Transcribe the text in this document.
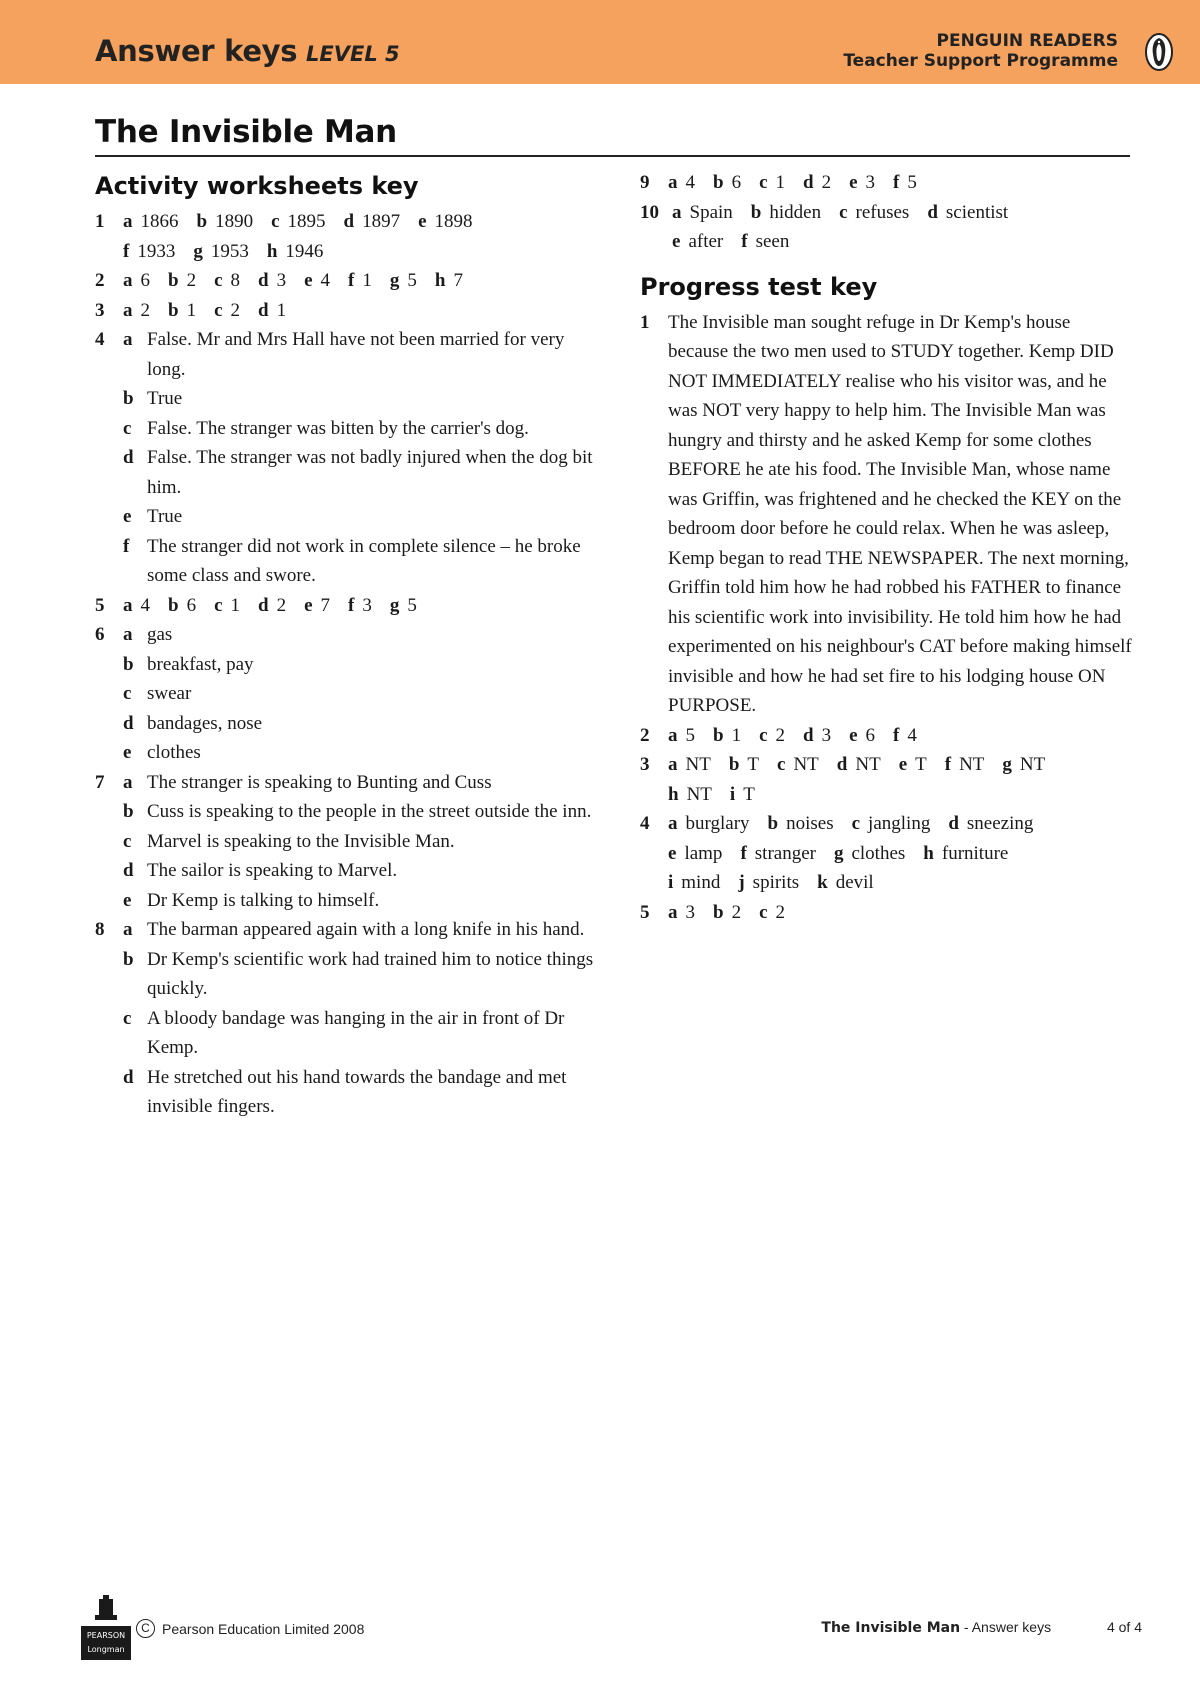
Answer keys LEVEL 5
PENGUIN READERS
Teacher Support Programme
The Invisible Man
Activity worksheets key
1 a 1866 b 1890 c 1895 d 1897 e 1898
f 1933 g 1953 h 1946
2 a 6 b 2 c 8 d 3 e 4 f 1 g 5 h 7
3 a 2 b 1 c 2 d 1
4 a False. Mr and Mrs Hall have not been married for very long.
b True
c False. The stranger was bitten by the carrier's dog.
d False. The stranger was not badly injured when the dog bit him.
e True
f The stranger did not work in complete silence – he broke some class and swore.
5 a 4 b 6 c 1 d 2 e 7 f 3 g 5
6 a gas
b breakfast, pay
c swear
d bandages, nose
e clothes
7 a The stranger is speaking to Bunting and Cuss
b Cuss is speaking to the people in the street outside the inn.
c Marvel is speaking to the Invisible Man.
d The sailor is speaking to Marvel.
e Dr Kemp is talking to himself.
8 a The barman appeared again with a long knife in his hand.
b Dr Kemp's scientific work had trained him to notice things quickly.
c A bloody bandage was hanging in the air in front of Dr Kemp.
d He stretched out his hand towards the bandage and met invisible fingers.
9 a 4 b 6 c 1 d 2 e 3 f 5
10 a Spain b hidden c refuses d scientist
e after f seen
Progress test key
1 The Invisible man sought refuge in Dr Kemp's house because the two men used to STUDY together. Kemp DID NOT IMMEDIATELY realise who his visitor was, and he was NOT very happy to help him. The Invisible Man was hungry and thirsty and he asked Kemp for some clothes BEFORE he ate his food. The Invisible Man, whose name was Griffin, was frightened and he checked the KEY on the bedroom door before he could relax. When he was asleep, Kemp began to read THE NEWSPAPER. The next morning, Griffin told him how he had robbed his FATHER to finance his scientific work into invisibility. He told him how he had experimented on his neighbour's CAT before making himself invisible and how he had set fire to his lodging house ON PURPOSE.
2 a 5 b 1 c 2 d 3 e 6 f 4
3 a NT b T c NT d NT e T f NT g NT
h NT i T
4 a burglary b noises c jangling d sneezing
e lamp f stranger g clothes h furniture
i mind j spirits k devil
5 a 3 b 2 c 2
PEARSON
Longman
C Pearson Education Limited 2008	The Invisible Man - Answer keys	4 of 4
